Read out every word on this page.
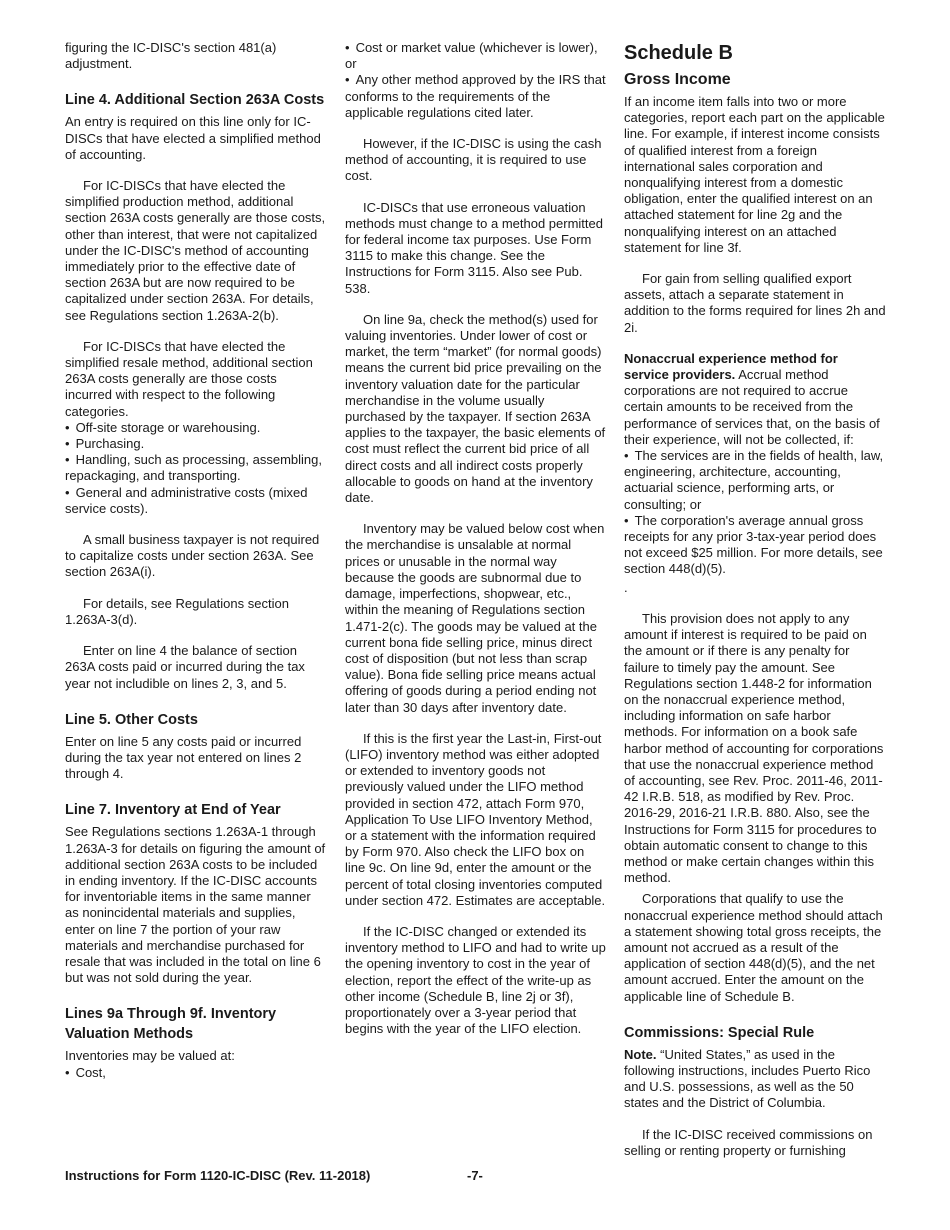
figuring the IC-DISC's section 481(a) adjustment.

Line 4. Additional Section 263A Costs

An entry is required on this line only for IC-DISCs that have elected a simplified method of accounting.

For IC-DISCs that have elected the simplified production method, additional section 263A costs generally are those costs, other than interest, that were not capitalized under the IC-DISC's method of accounting immediately prior to the effective date of section 263A but are now required to be capitalized under section 263A. For details, see Regulations section 1.263A-2(b).

For IC-DISCs that have elected the simplified resale method, additional section 263A costs generally are those costs incurred with respect to the following categories.

• Off-site storage or warehousing.

• Purchasing.

• Handling, such as processing, assembling, repackaging, and transporting.

• General and administrative costs (mixed service costs).

A small business taxpayer is not required to capitalize costs under section 263A. See section 263A(i).

For details, see Regulations section 1.263A-3(d).

Enter on line 4 the balance of section 263A costs paid or incurred during the tax year not includible on lines 2, 3, and 5.

Line 5. Other Costs

Enter on line 5 any costs paid or incurred during the tax year not entered on lines 2 through 4.

Line 7. Inventory at End of Year

See Regulations sections 1.263A-1 through 1.263A-3 for details on figuring the amount of additional section 263A costs to be included in ending inventory. If the IC-DISC accounts for inventoriable items in the same manner as nonincidental materials and supplies, enter on line 7 the portion of your raw materials and merchandise purchased for resale that was included in the total on line 6 but was not sold during the year.

Lines 9a Through 9f. Inventory Valuation Methods

Inventories may be valued at:

• Cost,

• Cost or market value (whichever is lower), or

• Any other method approved by the IRS that conforms to the requirements of the applicable regulations cited later.

However, if the IC-DISC is using the cash method of accounting, it is required to use cost.

IC-DISCs that use erroneous valuation methods must change to a method permitted for federal income tax purposes. Use Form 3115 to make this change. See the Instructions for Form 3115. Also see Pub. 538.

On line 9a, check the method(s) used for valuing inventories. Under lower of cost or market, the term “market” (for normal goods) means the current bid price prevailing on the inventory valuation date for the particular merchandise in the volume usually purchased by the taxpayer. If section 263A applies to the taxpayer, the basic elements of cost must reflect the current bid price of all direct costs and all indirect costs properly allocable to goods on hand at the inventory date.

Inventory may be valued below cost when the merchandise is unsalable at normal prices or unusable in the normal way because the goods are subnormal due to damage, imperfections, shopwear, etc., within the meaning of Regulations section 1.471-2(c). The goods may be valued at the current bona fide selling price, minus direct cost of disposition (but not less than scrap value). Bona fide selling price means actual offering of goods during a period ending not later than 30 days after inventory date.

If this is the first year the Last-in, First-out (LIFO) inventory method was either adopted or extended to inventory goods not previously valued under the LIFO method provided in section 472, attach Form 970, Application To Use LIFO Inventory Method, or a statement with the information required by Form 970. Also check the LIFO box on line 9c. On line 9d, enter the amount or the percent of total closing inventories computed under section 472. Estimates are acceptable.

If the IC-DISC changed or extended its inventory method to LIFO and had to write up the opening inventory to cost in the year of election, report the effect of the write-up as other income (Schedule B, line 2j or 3f), proportionately over a 3-year period that begins with the year of the LIFO election.

Schedule B
Gross Income

If an income item falls into two or more categories, report each part on the applicable line. For example, if interest income consists of qualified interest from a foreign international sales corporation and nonqualifying interest from a domestic obligation, enter the qualified interest on an attached statement for line 2g and the nonqualifying interest on an attached statement for line 3f.

For gain from selling qualified export assets, attach a separate statement in addition to the forms required for lines 2h and 2i.

Nonaccrual experience method for service providers. Accrual method corporations are not required to accrue certain amounts to be received from the performance of services that, on the basis of their experience, will not be collected, if:

• The services are in the fields of health, law, engineering, architecture, accounting, actuarial science, performing arts, or consulting; or

• The corporation's average annual gross receipts for any prior 3-tax-year period does not exceed $25 million. For more details, see section 448(d)(5).

.

This provision does not apply to any amount if interest is required to be paid on the amount or if there is any penalty for failure to timely pay the amount. See Regulations section 1.448-2 for information on the nonaccrual experience method, including information on safe harbor methods. For information on a book safe harbor method of accounting for corporations that use the nonaccrual experience method of accounting, see Rev. Proc. 2011-46, 2011-42 I.R.B. 518, as modified by Rev. Proc. 2016-29, 2016-21 I.R.B. 880. Also, see the Instructions for Form 3115 for procedures to obtain automatic consent to change to this method or make certain changes within this method.

Corporations that qualify to use the nonaccrual experience method should attach a statement showing total gross receipts, the amount not accrued as a result of the application of section 448(d)(5), and the net amount accrued. Enter the amount on the applicable line of Schedule B.

Commissions: Special Rule

Note. “United States,” as used in the following instructions, includes Puerto Rico and U.S. possessions, as well as the 50 states and the District of Columbia.

If the IC-DISC received commissions on selling or renting property or furnishing

Instructions for Form 1120-IC-DISC (Rev. 11-2018)	-7-
